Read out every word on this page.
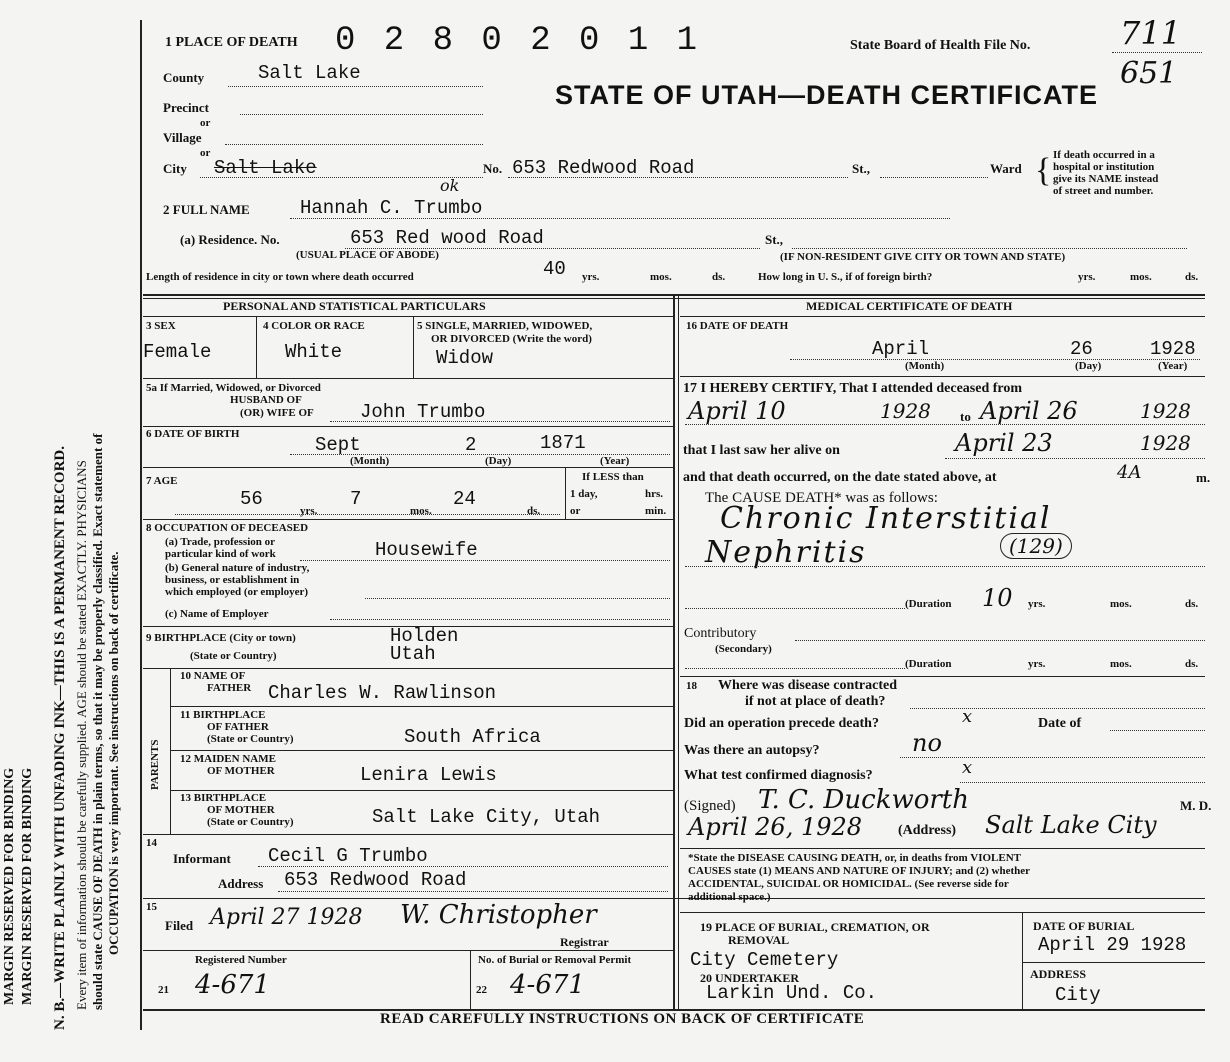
MARGIN RESERVED FOR BINDING MARGIN RESERVED FOR BINDING N. B.—WRITE PLAINLY WITH UNFADING INK—THIS IS A PERMANENT RECORD. Every item of information should be carefully supplied. AGE should be stated EXACTLY. PHYSICIANS should state CAUSE OF DEATH in plain terms, so that it may be properly classified. Exact statement of OCCUPATION is very important. See instructions on back of certificate.
1 PLACE OF DEATH 0 2 8 0 2 0 1 1	State Board of Health File No.	711
651
STATE OF UTAH—DEATH CERTIFICATE
County	Salt Lake
Precinct
or
Village
or
City Salt Lake	No. 653 Redwood Road	St.,	Ward { If death occurred in a
hospital or institution
give its NAME instead
of street and number.
2 FULL NAME	Hannah C. Trumbo
ok
(a) Residence. No.	653 Red wood Road	St.,
(USUAL PLACE OF ABODE)	(IF NON-RESIDENT GIVE CITY OR TOWN AND STATE)
Length of residence in city or town where death occurred	40 yrs.	mos.	ds.	How long in U. S., if of foreign birth?	yrs.	mos.	ds.
PERSONAL AND STATISTICAL PARTICULARS
3 SEX
Female
4 COLOR OR RACE
White
5 SINGLE, MARRIED, WIDOWED,
OR DIVORCED (Write the word)
Widow
5a If Married, Widowed, or Divorced
HUSBAND OF
(OR) WIFE OF John Trumbo
6 DATE OF BIRTH	Sept	2	1871
(Month)	(Day)	(Year)
7 AGE
56
yrs.
7
mos.
24
ds.
If LESS than
1 day,	hrs.
or	min.
8 OCCUPATION OF DECEASED
(a) Trade, profession or
particular kind of work	Housewife
(b) General nature of industry,
business, or establishment in
which employed (or employer)
(c) Name of Employer
9 BIRTHPLACE (City or town)
(State or Country)
Holden
Utah
PARENTS
10 NAME OF
FATHER Charles W. Rawlinson
11 BIRTHPLACE
OF FATHER
(State or Country)	South Africa
12 MAIDEN NAME
OF MOTHER	Lenira Lewis
13 BIRTHPLACE
OF MOTHER
(State or Country)	Salt Lake City, Utah
14
Informant Cecil G Trumbo
Address 653 Redwood Road
15
Filed April 27 1928 W. Christopher
Registrar
Registered Number
21 4-671
No. of Burial or Removal Permit
22 4-671
MEDICAL CERTIFICATE OF DEATH
16 DATE OF DEATH
April	26	1928
(Month)	(Day)	(Year)
17 I HEREBY CERTIFY, That I attended deceased from
April 10	1928 to April 26	1928
that I last saw her alive on	April 23	1928
and that death occurred, on the date stated above, at	4A	m.
The CAUSE DEATH* was as follows:
Chronic Interstitial
Nephritis	(129)
(Duration 10 yrs.	mos.	ds.
Contributory
(Secondary)
(Duration	yrs.	mos.	ds.
18 Where was disease contracted
if not at place of death?
Did an operation precede death?	x	Date of
Was there an autopsy?	no
What test confirmed diagnosis?	x
(Signed) T. C. Duckworth	M. D.
April 26, 1928	(Address) Salt Lake City
*State the DISEASE CAUSING DEATH, or, in deaths from VIOLENT
CAUSES state (1) MEANS AND NATURE OF INJURY; and (2) whether
ACCIDENTAL, SUICIDAL OR HOMICIDAL. (See reverse side for
additional space.)
19 PLACE OF BURIAL, CREMATION, OR
REMOVAL
City Cemetery
DATE OF BURIAL
April 29 1928
20 UNDERTAKER
Larkin Und. Co.
ADDRESS
City
READ CAREFULLY INSTRUCTIONS ON BACK OF CERTIFICATE
